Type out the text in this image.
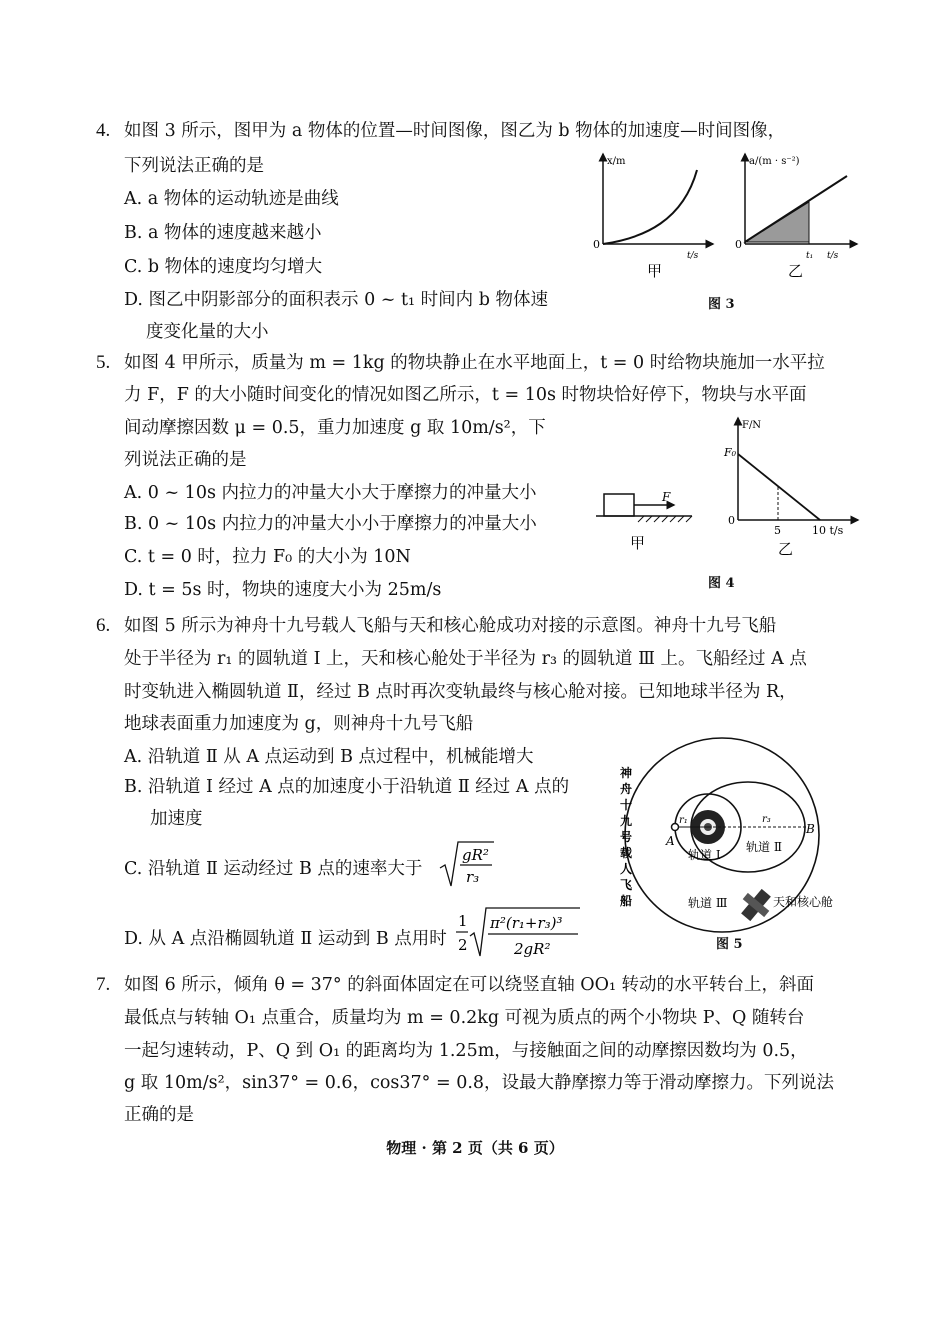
4. 如图 3 所示，图甲为 a 物体的位置—时间图像，图乙为 b 物体的加速度—时间图像，
下列说法正确的是
A. a 物体的运动轨迹是曲线
B. a 物体的速度越来越小
C. b 物体的速度均匀增大
D. 图乙中阴影部分的面积表示 0 ~ t₁ 时间内 b 物体速
度变化量的大小
x/m
t/s
0
甲
a/(m · s⁻²)
t₁ t/s
0
乙
图 3
5. 如图 4 甲所示，质量为 m = 1kg 的物块静止在水平地面上，t = 0 时给物块施加一水平拉
力 F，F 的大小随时间变化的情况如图乙所示，t = 10s 时物块恰好停下，物块与水平面
间动摩擦因数 μ = 0.5，重力加速度 g 取 10m/s²，下
列说法正确的是
A. 0 ~ 10s 内拉力的冲量大小大于摩擦力的冲量大小
B. 0 ~ 10s 内拉力的冲量大小小于摩擦力的冲量大小
C. t = 0 时，拉力 F₀ 的大小为 10N
D. t = 5s 时，物块的速度大小为 25m/s
F
甲
F/N
F₀
0
5	10 t/s
乙
图 4
6. 如图 5 所示为神舟十九号载人飞船与天和核心舱成功对接的示意图。神舟十九号飞船
处于半径为 r₁ 的圆轨道 Ⅰ 上，天和核心舱处于半径为 r₃ 的圆轨道 Ⅲ 上。飞船经过 A 点
时变轨进入椭圆轨道 Ⅱ，经过 B 点时再次变轨最终与核心舱对接。已知地球半径为 R，
地球表面重力加速度为 g，则神舟十九号飞船
A. 沿轨道 Ⅱ 从 A 点运动到 B 点过程中，机械能增大
B. 沿轨道 Ⅰ 经过 A 点的加速度小于沿轨道 Ⅱ 经过 A 点的
加速度
C. 沿轨道 Ⅱ 运动经过 B 点的速率大于
gR²
r₃
D. 从 A 点沿椭圆轨道 Ⅱ 运动到 B 点用时
1
2
π²(r₁+r₃)³
2gR²
r₁	r₃
A
B
轨道 Ⅰ
轨道 Ⅱ
轨道 Ⅲ	天和核心舱
神
舟
十
九
号
载
人
飞
船
图 5
7. 如图 6 所示，倾角 θ = 37° 的斜面体固定在可以绕竖直轴 OO₁ 转动的水平转台上，斜面
最低点与转轴 O₁ 点重合，质量均为 m = 0.2kg 可视为质点的两个小物块 P、Q 随转台
一起匀速转动，P、Q 到 O₁ 的距离均为 1.25m，与接触面之间的动摩擦因数均为 0.5，
g 取 10m/s²，sin37° = 0.6，cos37° = 0.8，设最大静摩擦力等于滑动摩擦力。下列说法
正确的是
物理 · 第 2 页（共 6 页）
